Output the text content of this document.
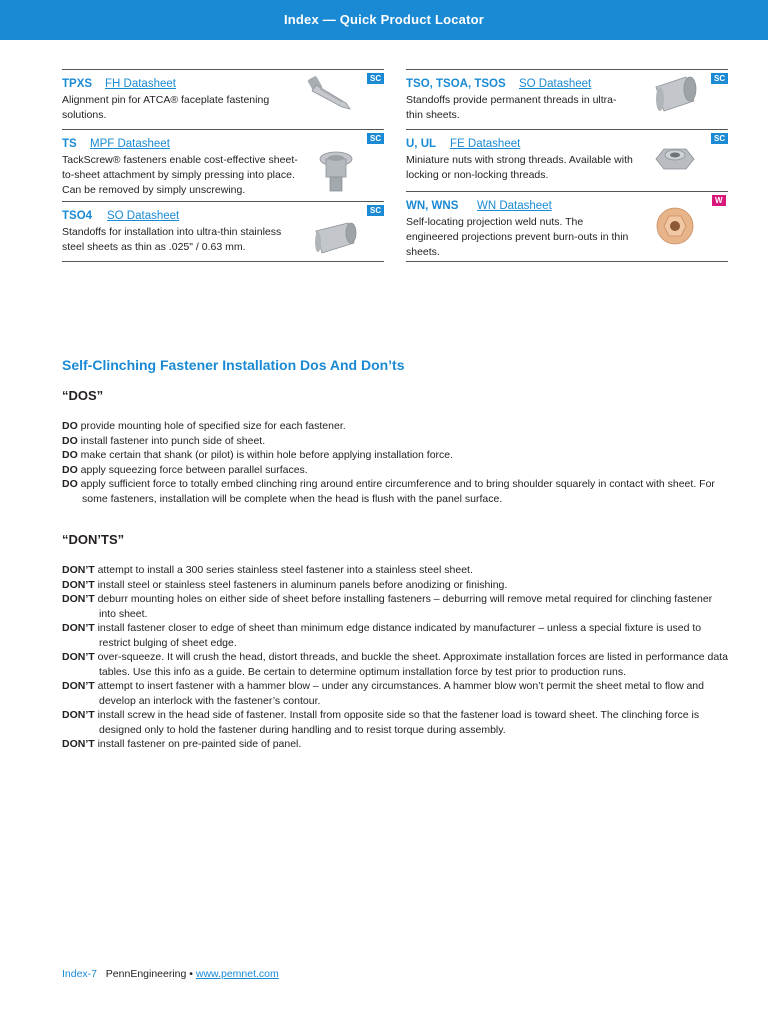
Index — Quick Product Locator
TPXS FH Datasheet
Alignment pin for ATCA® faceplate fastening solutions.
SC
TS MPF Datasheet
TackScrew® fasteners enable cost-effective sheet-to-sheet attachment by simply pressing into place. Can be removed by simply unscrewing.
SC
TSO4 SO Datasheet
Standoffs for installation into ultra-thin stainless steel sheets as thin as .025" / 0.63 mm.
SC
TSO, TSOA, TSOS SO Datasheet
Standoffs provide permanent threads in ultra-thin sheets.
SC
U, UL FE Datasheet
Miniature nuts with strong threads. Available with locking or non-locking threads.
SC
WN, WNS WN Datasheet
Self-locating projection weld nuts. The engineered projections prevent burn-outs in thin sheets.
W
Self-Clinching Fastener Installation Dos And Don’ts
“DOS”
DO provide mounting hole of specified size for each fastener.
DO install fastener into punch side of sheet.
DO make certain that shank (or pilot) is within hole before applying installation force.
DO apply squeezing force between parallel surfaces.
DO apply sufficient force to totally embed clinching ring around entire circumference and to bring shoulder squarely in contact with sheet. For some fasteners, installation will be complete when the head is flush with the panel surface.
“DON’TS”
DON’T attempt to install a 300 series stainless steel fastener into a stainless steel sheet.
DON’T install steel or stainless steel fasteners in aluminum panels before anodizing or finishing.
DON’T deburr mounting holes on either side of sheet before installing fasteners – deburring will remove metal required for clinching fastener into sheet.
DON’T install fastener closer to edge of sheet than minimum edge distance indicated by manufacturer – unless a special fixture is used to restrict bulging of sheet edge.
DON’T over-squeeze. It will crush the head, distort threads, and buckle the sheet. Approximate installation forces are listed in performance data tables. Use this info as a guide. Be certain to determine optimum installation force by test prior to production runs.
DON’T attempt to insert fastener with a hammer blow – under any circumstances. A hammer blow won’t permit the sheet metal to flow and develop an interlock with the fastener’s contour.
DON’T install screw in the head side of fastener. Install from opposite side so that the fastener load is toward sheet. The clinching force is designed only to hold the fastener during handling and to resist torque during assembly.
DON’T install fastener on pre-painted side of panel.
Index-7 PennEngineering • www.pemnet.com
